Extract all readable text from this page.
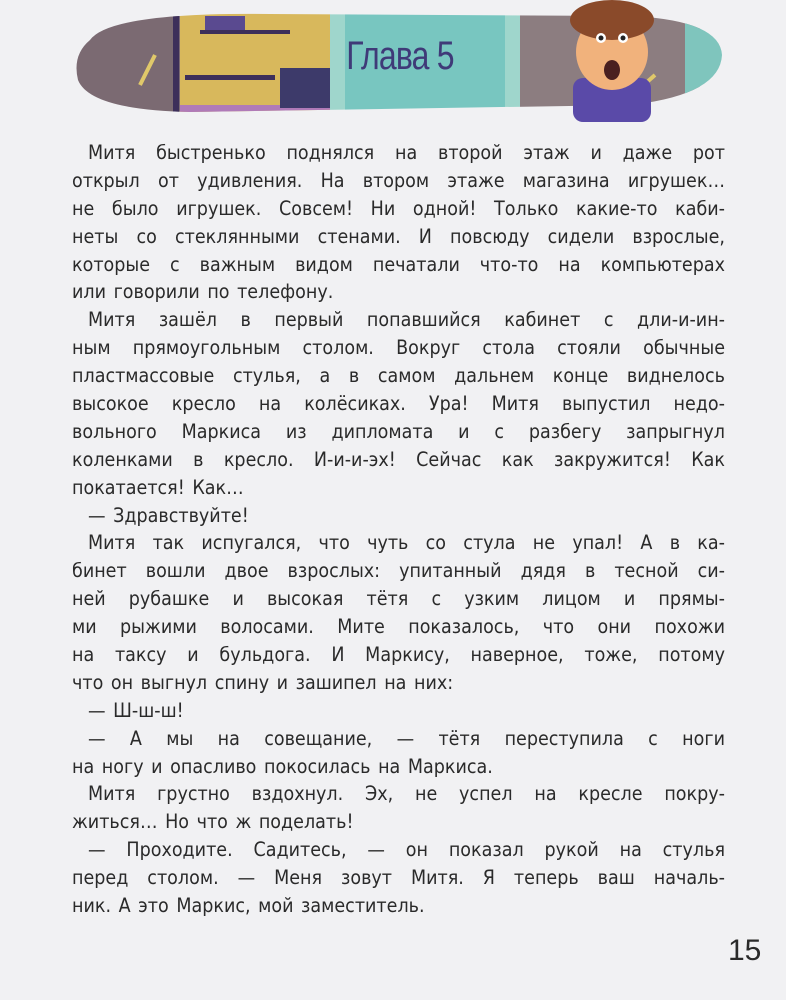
Глава 5
Митя быстренько поднялся на второй этаж и даже рот
открыл от удивления. На втором этаже магазина игрушек…
не было игрушек. Совсем! Ни одной! Только какие-то каби-
неты со стеклянными стенами. И повсюду сидели взрослые,
которые с важным видом печатали что-то на компьютерах
или говорили по телефону.
Митя зашёл в первый попавшийся кабинет с дли-и-ин-
ным прямоугольным столом. Вокруг стола стояли обычные
пластмассовые стулья, а в самом дальнем конце виднелось
высокое кресло на колёсиках. Ура! Митя выпустил недо-
вольного Маркиса из дипломата и с разбегу запрыгнул
коленками в кресло. И-и-и-эх! Сейчас как закружится! Как
покатается! Как…
— Здравствуйте!
Митя так испугался, что чуть со стула не упал! А в ка-
бинет вошли двое взрослых: упитанный дядя в тесной си-
ней рубашке и высокая тётя с узким лицом и прямы-
ми рыжими волосами. Мите показалось, что они похожи
на таксу и бульдога. И Маркису, наверное, тоже, потому
что он выгнул спину и зашипел на них:
— Ш-ш-ш!
— А мы на совещание, — тётя переступила с ноги
на ногу и опасливо покосилась на Маркиса.
Митя грустно вздохнул. Эх, не успел на кресле покру-
житься… Но что ж поделать!
— Проходите. Садитесь, — он показал рукой на стулья
перед столом. — Меня зовут Митя. Я теперь ваш началь-
ник. А это Маркис, мой заместитель.
15
